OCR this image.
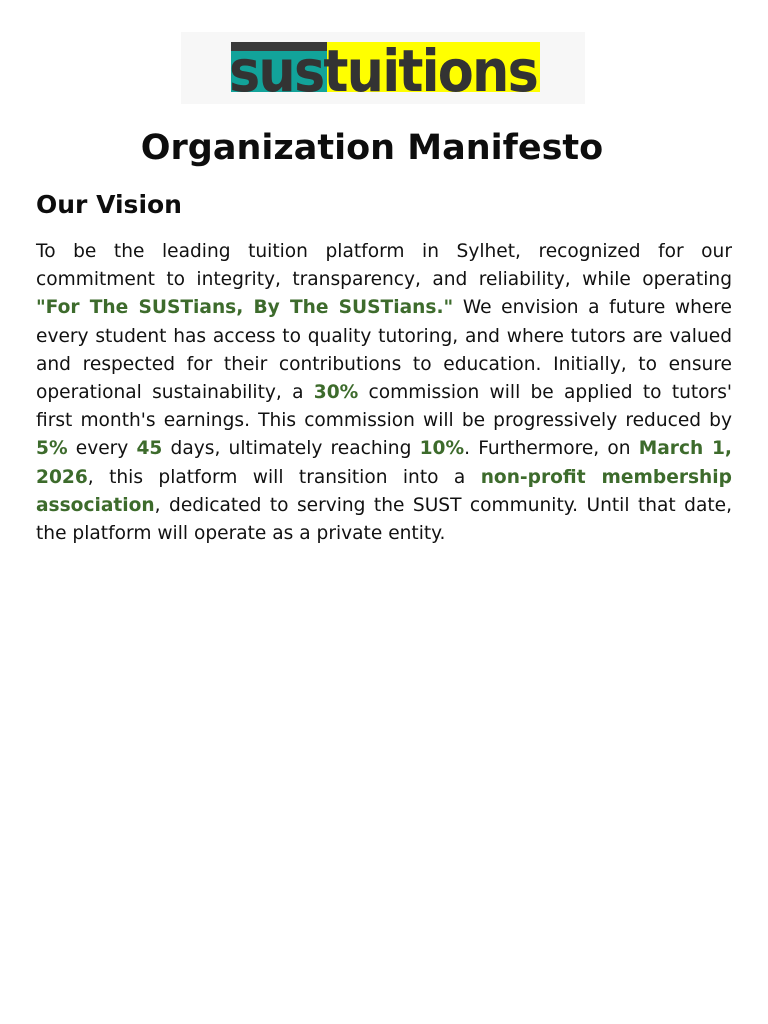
sustuitions
Organization Manifesto
Our Vision

To be the leading tuition platform in Sylhet, recognized for our commitment to integrity, transparency, and reliability, while operating "For The SUSTians, By The SUSTians." We envision a future where every student has access to quality tutoring, and where tutors are valued and respected for their contributions to education. Initially, to ensure operational sustainability, a 30% commission will be applied to tutors' first month's earnings. This commission will be progressively reduced by 5% every 45 days, ultimately reaching 10%. Furthermore, on March 1, 2026, this platform will transition into a non-profit membership association, dedicated to serving the SUST community. Until that date, the platform will operate as a private entity.
